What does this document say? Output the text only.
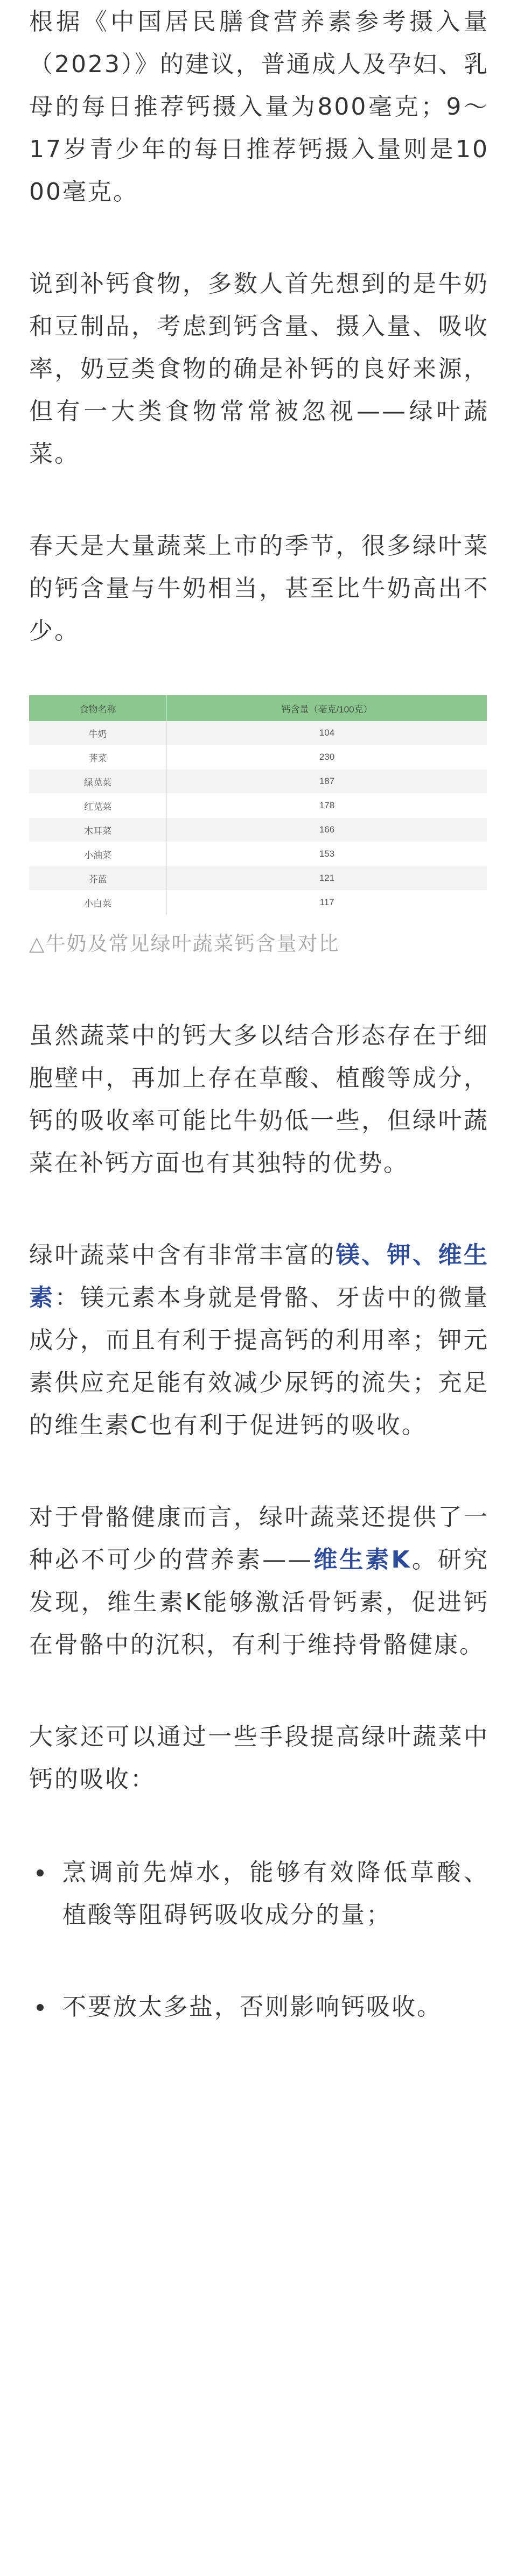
根据《中国居民膳食营养素参考摄入量（2023）》的建议，普通成人及孕妇、乳母的每日推荐钙摄入量为800毫克；9～17岁青少年的每日推荐钙摄入量则是1000毫克。

说到补钙食物，多数人首先想到的是牛奶和豆制品，考虑到钙含量、摄入量、吸收率，奶豆类食物的确是补钙的良好来源，但有一大类食物常常被忽视——绿叶蔬菜。

春天是大量蔬菜上市的季节，很多绿叶菜的钙含量与牛奶相当，甚至比牛奶高出不少。

食物名称	钙含量（毫克/100克）
牛奶	104
荠菜	230
绿苋菜	187
红苋菜	178
木耳菜	166
小油菜	153
芥蓝	121
小白菜	117
△牛奶及常见绿叶蔬菜钙含量对比

虽然蔬菜中的钙大多以结合形态存在于细胞壁中，再加上存在草酸、植酸等成分，钙的吸收率可能比牛奶低一些，但绿叶蔬菜在补钙方面也有其独特的优势。

绿叶蔬菜中含有非常丰富的镁、钾、维生素：镁元素本身就是骨骼、牙齿中的微量成分，而且有利于提高钙的利用率；钾元素供应充足能有效减少尿钙的流失；充足的维生素C也有利于促进钙的吸收。

对于骨骼健康而言，绿叶蔬菜还提供了一种必不可少的营养素——维生素K。研究发现，维生素K能够激活骨钙素，促进钙在骨骼中的沉积，有利于维持骨骼健康。

大家还可以通过一些手段提高绿叶蔬菜中钙的吸收：

烹调前先焯水，能够有效降低草酸、植酸等阻碍钙吸收成分的量；
不要放太多盐，否则影响钙吸收。
